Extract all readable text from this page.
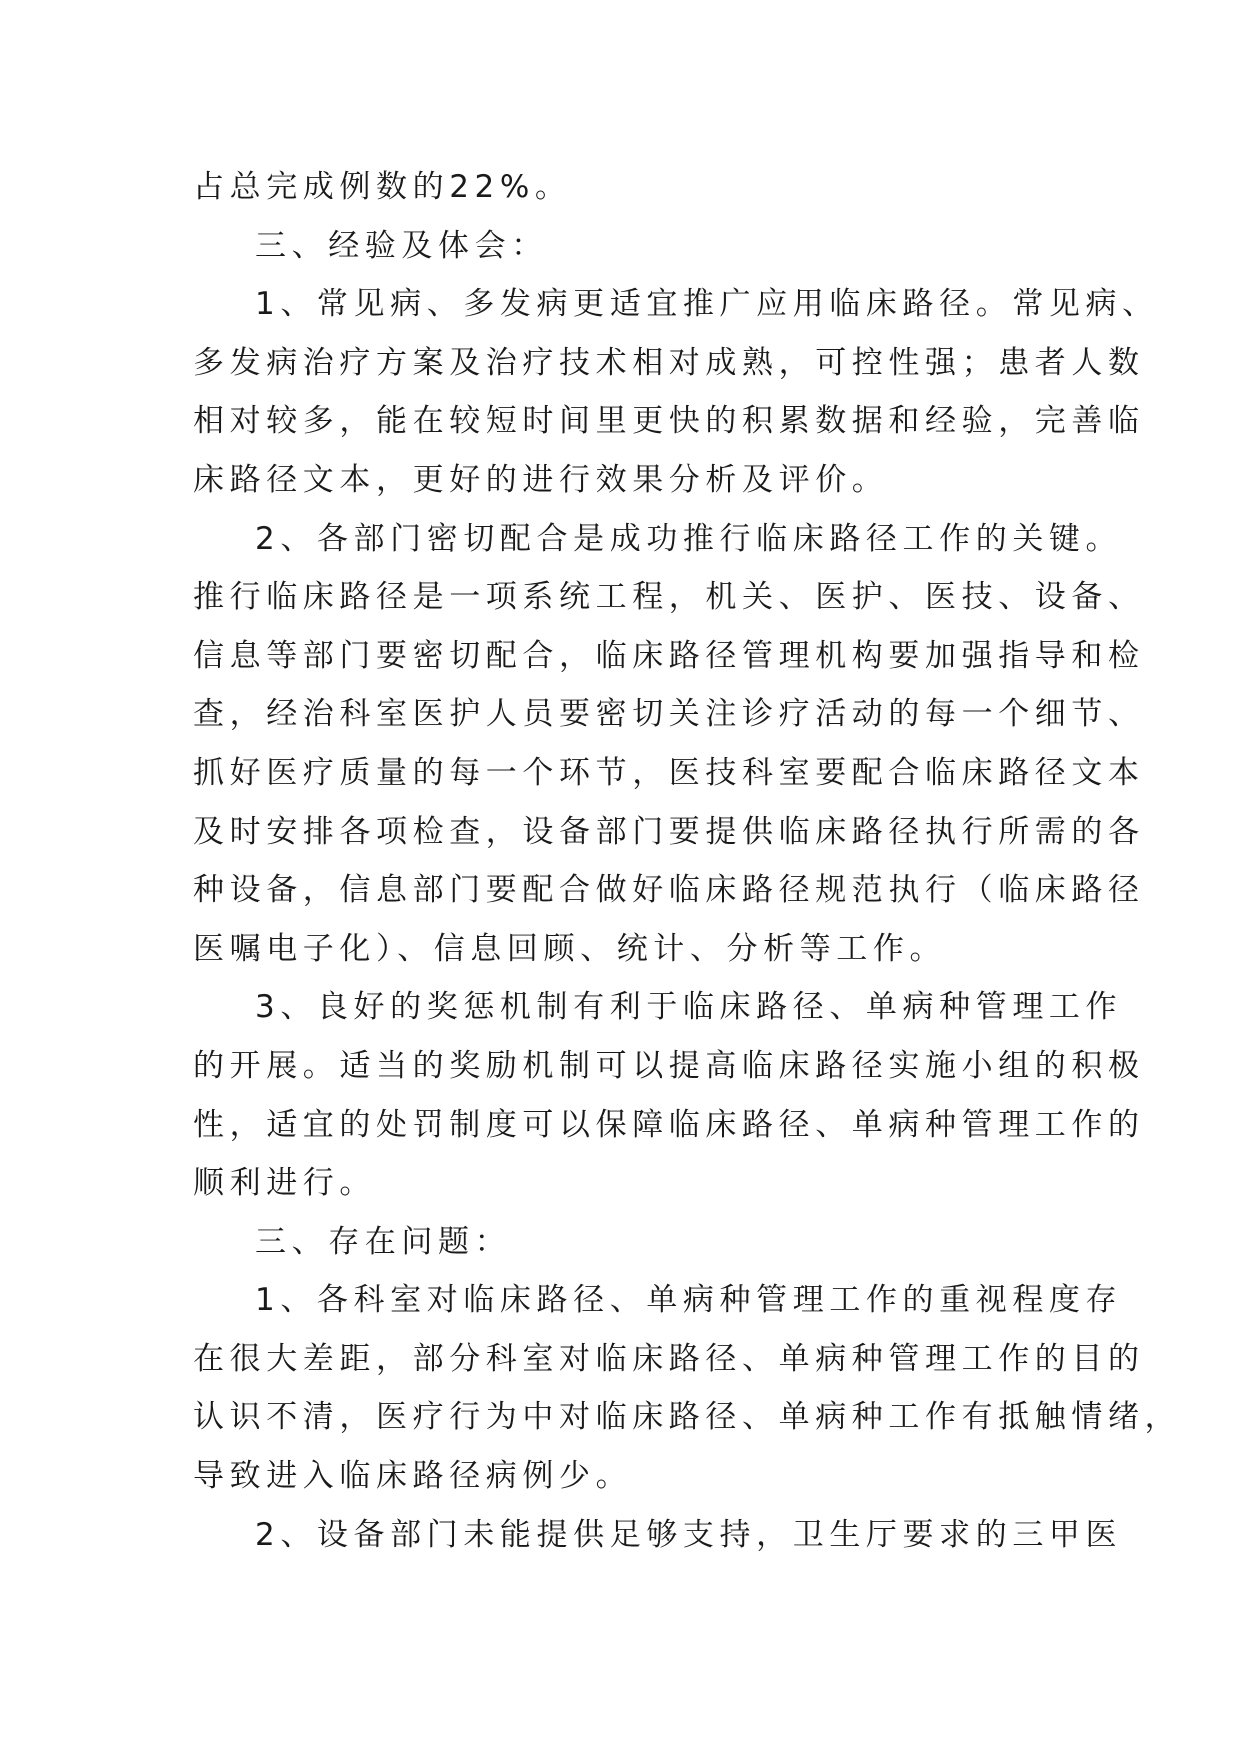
占总完成例数的22%。
三、经验及体会：
1、常见病、多发病更适宜推广应用临床路径。常见病、
多发病治疗方案及治疗技术相对成熟，可控性强；患者人数
相对较多，能在较短时间里更快的积累数据和经验，完善临
床路径文本，更好的进行效果分析及评价。
2、各部门密切配合是成功推行临床路径工作的关键。
推行临床路径是一项系统工程，机关、医护、医技、设备、
信息等部门要密切配合，临床路径管理机构要加强指导和检
查，经治科室医护人员要密切关注诊疗活动的每一个细节、
抓好医疗质量的每一个环节，医技科室要配合临床路径文本
及时安排各项检查，设备部门要提供临床路径执行所需的各
种设备，信息部门要配合做好临床路径规范执行（临床路径
医嘱电子化）、信息回顾、统计、分析等工作。
3、良好的奖惩机制有利于临床路径、单病种管理工作
的开展。适当的奖励机制可以提高临床路径实施小组的积极
性，适宜的处罚制度可以保障临床路径、单病种管理工作的
顺利进行。
三、存在问题：
1、各科室对临床路径、单病种管理工作的重视程度存
在很大差距，部分科室对临床路径、单病种管理工作的目的
认识不清，医疗行为中对临床路径、单病种工作有抵触情绪，
导致进入临床路径病例少。
2、设备部门未能提供足够支持，卫生厅要求的三甲医
